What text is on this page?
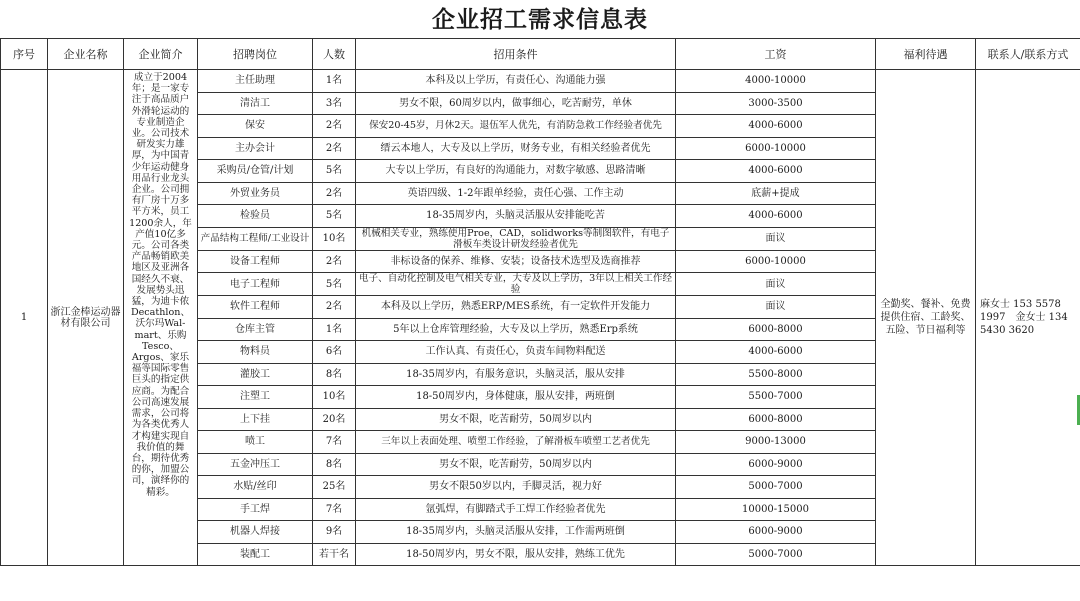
企业招工需求信息表
序号	企业名称	企业简介	招聘岗位	人数	招用条件	工资	福利待遇	联系人/联系方式
1	浙江金棒运动器材有限公司	成立于2004年；是一家专注于高品质户外滑轮运动的专业制造企业。公司技术研发实力雄厚，为中国青少年运动健身用品行业龙头企业。公司拥有厂房十万多平方米，员工1200余人，年产值10亿多元。公司各类产品畅销欧美地区及亚洲各国经久不衰、发展势头迅猛，为迪卡侬Decathlon、沃尔玛Wal-mart、乐购Tesco、Argos、家乐福等国际零售巨头的指定供应商。为配合公司高速发展需求，公司将为各类优秀人才构建实现自我价值的舞台，期待优秀的你，加盟公司，演绎你的精彩。	主任助理	1名	本科及以上学历，有责任心、沟通能力强	4000-10000	全勤奖、餐补、免费提供住宿、工龄奖、五险、节日福利等	麻女士 153 5578 1997　金女士 134 5430 3620
			清洁工	3名	男女不限，60周岁以内，做事细心，吃苦耐劳，单休	3000-3500		
			保安	2名	保安20-45岁，月休2天。退伍军人优先，有消防急救工作经验者优先	4000-6000		
			主办会计	2名	缙云本地人，大专及以上学历，财务专业，有相关经验者优先	6000-10000		
			采购员/仓管/计划	5名	大专以上学历，有良好的沟通能力，对数字敏感、思路清晰	4000-6000		
			外贸业务员	2名	英语四级、1-2年跟单经验，责任心强、工作主动	底薪+提成		
			检验员	5名	18-35周岁内，头脑灵活服从安排能吃苦	4000-6000		
			产品结构工程师/工业设计	10名	机械相关专业，熟练使用Proe，CAD，solidworks等制图软件，有电子滑板车类设计研发经验者优先	面议		
			设备工程师	2名	非标设备的保养、维修、安装；设备技术选型及选商推荐	6000-10000		
			电子工程师	5名	电子、自动化控制及电气相关专业，大专及以上学历，3年以上相关工作经验	面议		
			软件工程师	2名	本科及以上学历，熟悉ERP/MES系统，有一定软件开发能力	面议		
			仓库主管	1名	5年以上仓库管理经验，大专及以上学历，熟悉Erp系统	6000-8000		
			物料员	6名	工作认真、有责任心，负责车间物料配送	4000-6000		
			灌胶工	8名	18-35周岁内，有服务意识，头脑灵活，服从安排	5500-8000		
			注塑工	10名	18-50周岁内，身体健康，服从安排，两班倒	5500-7000		
			上下挂	20名	男女不限，吃苦耐劳，50周岁以内	6000-8000		
			喷工	7名	三年以上表面处理、喷塑工作经验，了解滑板车喷塑工艺者优先	9000-13000		
			五金冲压工	8名	男女不限，吃苦耐劳，50周岁以内	6000-9000		
			水贴/丝印	25名	男女不限50岁以内，手脚灵活，视力好	5000-7000		
			手工焊	7名	氩弧焊，有脚踏式手工焊工作经验者优先	10000-15000		
			机器人焊接	9名	18-35周岁内，头脑灵活服从安排，工作需两班倒	6000-9000		
			装配工	若干名	18-50周岁内，男女不限，服从安排，熟练工优先	5000-7000		
